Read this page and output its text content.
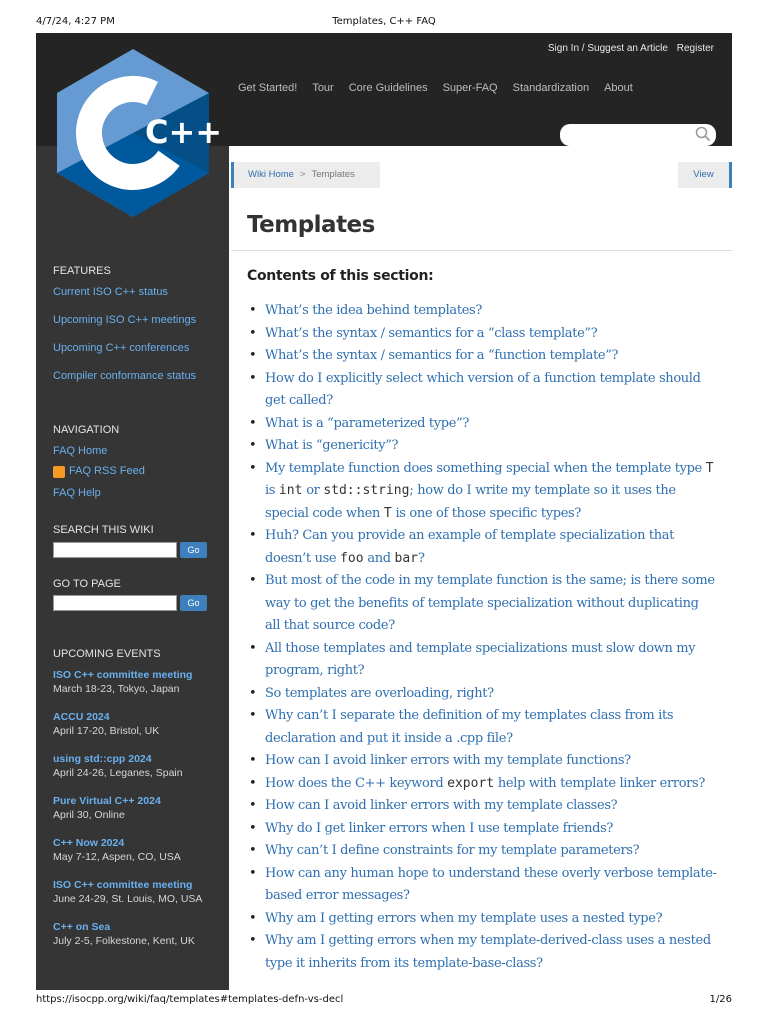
4/7/24, 4:27 PM	Templates, C++ FAQ
Sign In / Suggest an Article Register
Get Started! Tour Core Guidelines Super-FAQ Standardization About
C++
FEATURES
Current ISO C++ status
Upcoming ISO C++ meetings
Upcoming C++ conferences
Compiler conformance status
NAVIGATION
FAQ Home
FAQ RSS Feed
FAQ Help
SEARCH THIS WIKI
Go
GO TO PAGE
Go
UPCOMING EVENTS
ISO C++ committee meeting
March 18-23, Tokyo, Japan
ACCU 2024
April 17-20, Bristol, UK
using std::cpp 2024
April 24-26, Leganes, Spain
Pure Virtual C++ 2024
April 30, Online
C++ Now 2024
May 7-12, Aspen, CO, USA
ISO C++ committee meeting
June 24-29, St. Louis, MO, USA
C++ on Sea
July 2-5, Folkestone, Kent, UK
Wiki Home > Templates	View
Templates
Contents of this section:
• What’s the idea behind templates?
• What’s the syntax / semantics for a “class template”?
• What’s the syntax / semantics for a “function template”?
• How do I explicitly select which version of a function template should get called?
• What is a “parameterized type”?
• What is “genericity”?
• My template function does something special when the template type T is int or std::string; how do I write my template so it uses the special code when T is one of those specific types?
• Huh? Can you provide an example of template specialization that doesn’t use foo and bar?
• But most of the code in my template function is the same; is there some way to get the benefits of template specialization without duplicating all that source code?
• All those templates and template specializations must slow down my program, right?
• So templates are overloading, right?
• Why can’t I separate the definition of my templates class from its declaration and put it inside a .cpp file?
• How can I avoid linker errors with my template functions?
• How does the C++ keyword export help with template linker errors?
• How can I avoid linker errors with my template classes?
• Why do I get linker errors when I use template friends?
• Why can’t I define constraints for my template parameters?
• How can any human hope to understand these overly verbose template-based error messages?
• Why am I getting errors when my template uses a nested type?
• Why am I getting errors when my template-derived-class uses a nested type it inherits from its template-base-class?
https://isocpp.org/wiki/faq/templates#templates-defn-vs-decl	1/26
